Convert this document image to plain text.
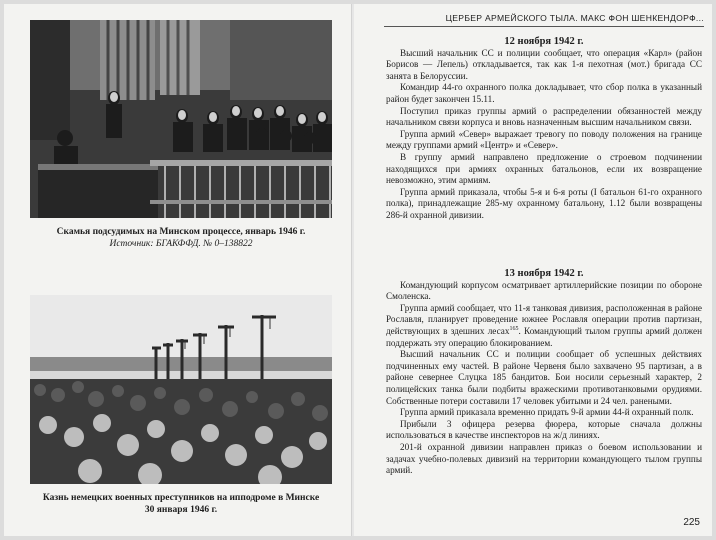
Скамья подсудимых на Минском процессе, январь 1946 г.
Источник: БГАКФФД. № 0–138822
Казнь немецких военных преступников на ипподроме в Минске
30 января 1946 г.
ЦЕРБЕР АРМЕЙСКОГО ТЫЛА. МАКС ФОН ШЕНКЕНДОРФ...

12 ноября 1942 г.

Высший начальник СС и полиции сообщает, что операция «Карл» (район Борисов — Лепель) откладывается, так как 1-я пехотная (мот.) бригада СС занята в Белоруссии.

Командир 44-го охранного полка докладывает, что сбор полка в указанный район будет закончен 15.11.

Поступил приказ группы армий о распределении обязанностей между начальником связи корпуса и вновь назначенным высшим начальником связи.

Группа армий «Север» выражает тревогу по поводу положения на границе между группами армий «Центр» и «Север».

В группу армий направлено предложение о строевом подчинении находящихся при армиях охранных батальонов, если их возвращение невозможно, этим армиям.

Группа армий приказала, чтобы 5-я и 6-я роты (I батальон 61-го охранного полка), принадлежащие 285-му охранному батальону, 1.12 были возвращены 286-й охранной дивизии.

13 ноября 1942 г.

Командующий корпусом осматривает артиллерийские позиции по обороне Смоленска.

Группа армий сообщает, что 11-я танковая дивизия, расположенная в районе Рославля, планирует проведение южнее Рославля операции против партизан, действующих в здешних лесах$^{165}$. Командующий тылом группы армий должен поддержать эту операцию блокированием.

Высший начальник СС и полиции сообщает об успешных действиях подчиненных ему частей. В районе Червеня было захвачено 95 партизан, а в районе севернее Слуцка 185 бандитов. Бои носили серьезный характер, 2 полицейских танка были подбиты вражескими противотанковыми орудиями. Собственные потери составили 17 человек убитыми и 24 чел. ранеными.

Группа армий приказала временно придать 9-й армии 44-й охранный полк.

Прибыли 3 офицера резерва фюрера, которые сначала должны использоваться в качестве инспекторов на ж/д линиях.

201-й охранной дивизии направлен приказ о боевом использовании и задачах учебно-полевых дивизий на территории командующего тылом группы армий.

225
